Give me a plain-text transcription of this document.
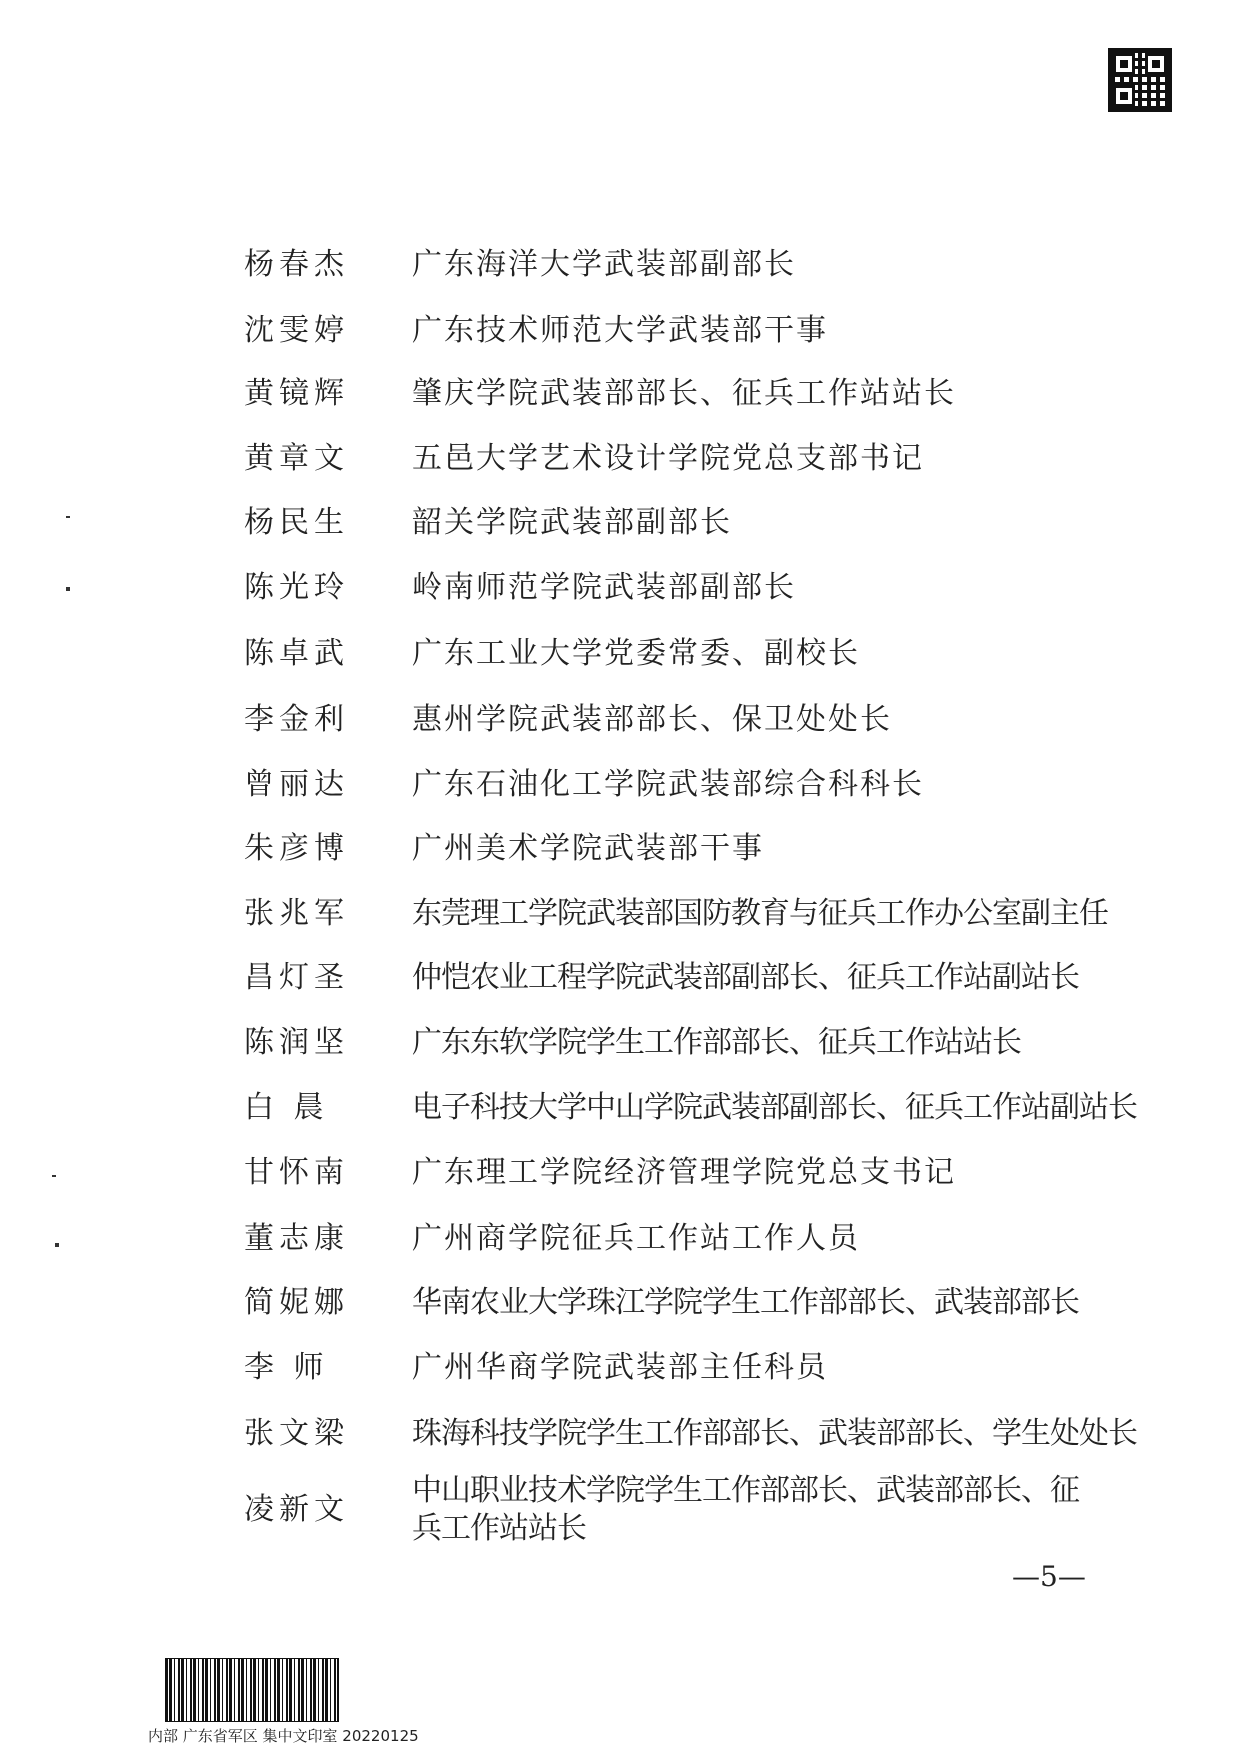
杨春杰 广东海洋大学武装部副部长
沈雯婷 广东技术师范大学武装部干事
黄镜辉 肇庆学院武装部部长、征兵工作站站长
黄章文 五邑大学艺术设计学院党总支部书记
杨民生 韶关学院武装部副部长
陈光玲 岭南师范学院武装部副部长
陈卓武 广东工业大学党委常委、副校长
李金利 惠州学院武装部部长、保卫处处长
曾丽达 广东石油化工学院武装部综合科科长
朱彦博 广州美术学院武装部干事
张兆军 东莞理工学院武装部国防教育与征兵工作办公室副主任
昌灯圣 仲恺农业工程学院武装部副部长、征兵工作站副站长
陈润坚 广东东软学院学生工作部部长、征兵工作站站长
白 晨	电子科技大学中山学院武装部副部长、征兵工作站副站长
甘怀南 广东理工学院经济管理学院党总支书记
董志康 广州商学院征兵工作站工作人员
简妮娜 华南农业大学珠江学院学生工作部部长、武装部部长
李 师	广州华商学院武装部主任科员
张文梁 珠海科技学院学生工作部部长、武装部部长、学生处处长
凌新文
中山职业技术学院学生工作部部长、武装部部长、征兵工作站站长
—5—
内部 广东省军区 集中文印室 20220125
